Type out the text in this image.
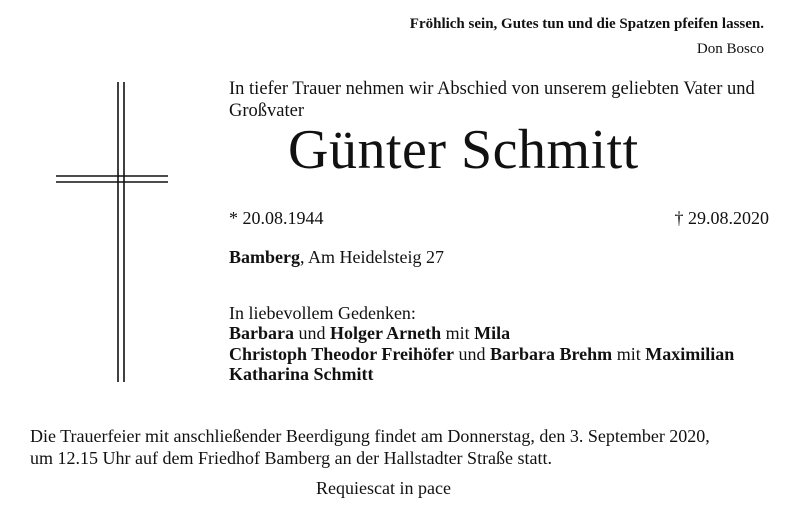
Fröhlich sein, Gutes tun und die Spatzen pfeifen lassen.
Don Bosco
In tiefer Trauer nehmen wir Abschied von unserem geliebten Vater und Großvater
Günter Schmitt
* 20.08.1944	† 29.08.2020
Bamberg, Am Heidelsteig 27
In liebevollem Gedenken:
Barbara und Holger Arneth mit Mila
Christoph Theodor Freihöfer und Barbara Brehm mit Maximilian
Katharina Schmitt
Die Trauerfeier mit anschließender Beerdigung findet am Donnerstag, den 3. September 2020,
um 12.15 Uhr auf dem Friedhof Bamberg an der Hallstadter Straße statt.
Requiescat in pace
